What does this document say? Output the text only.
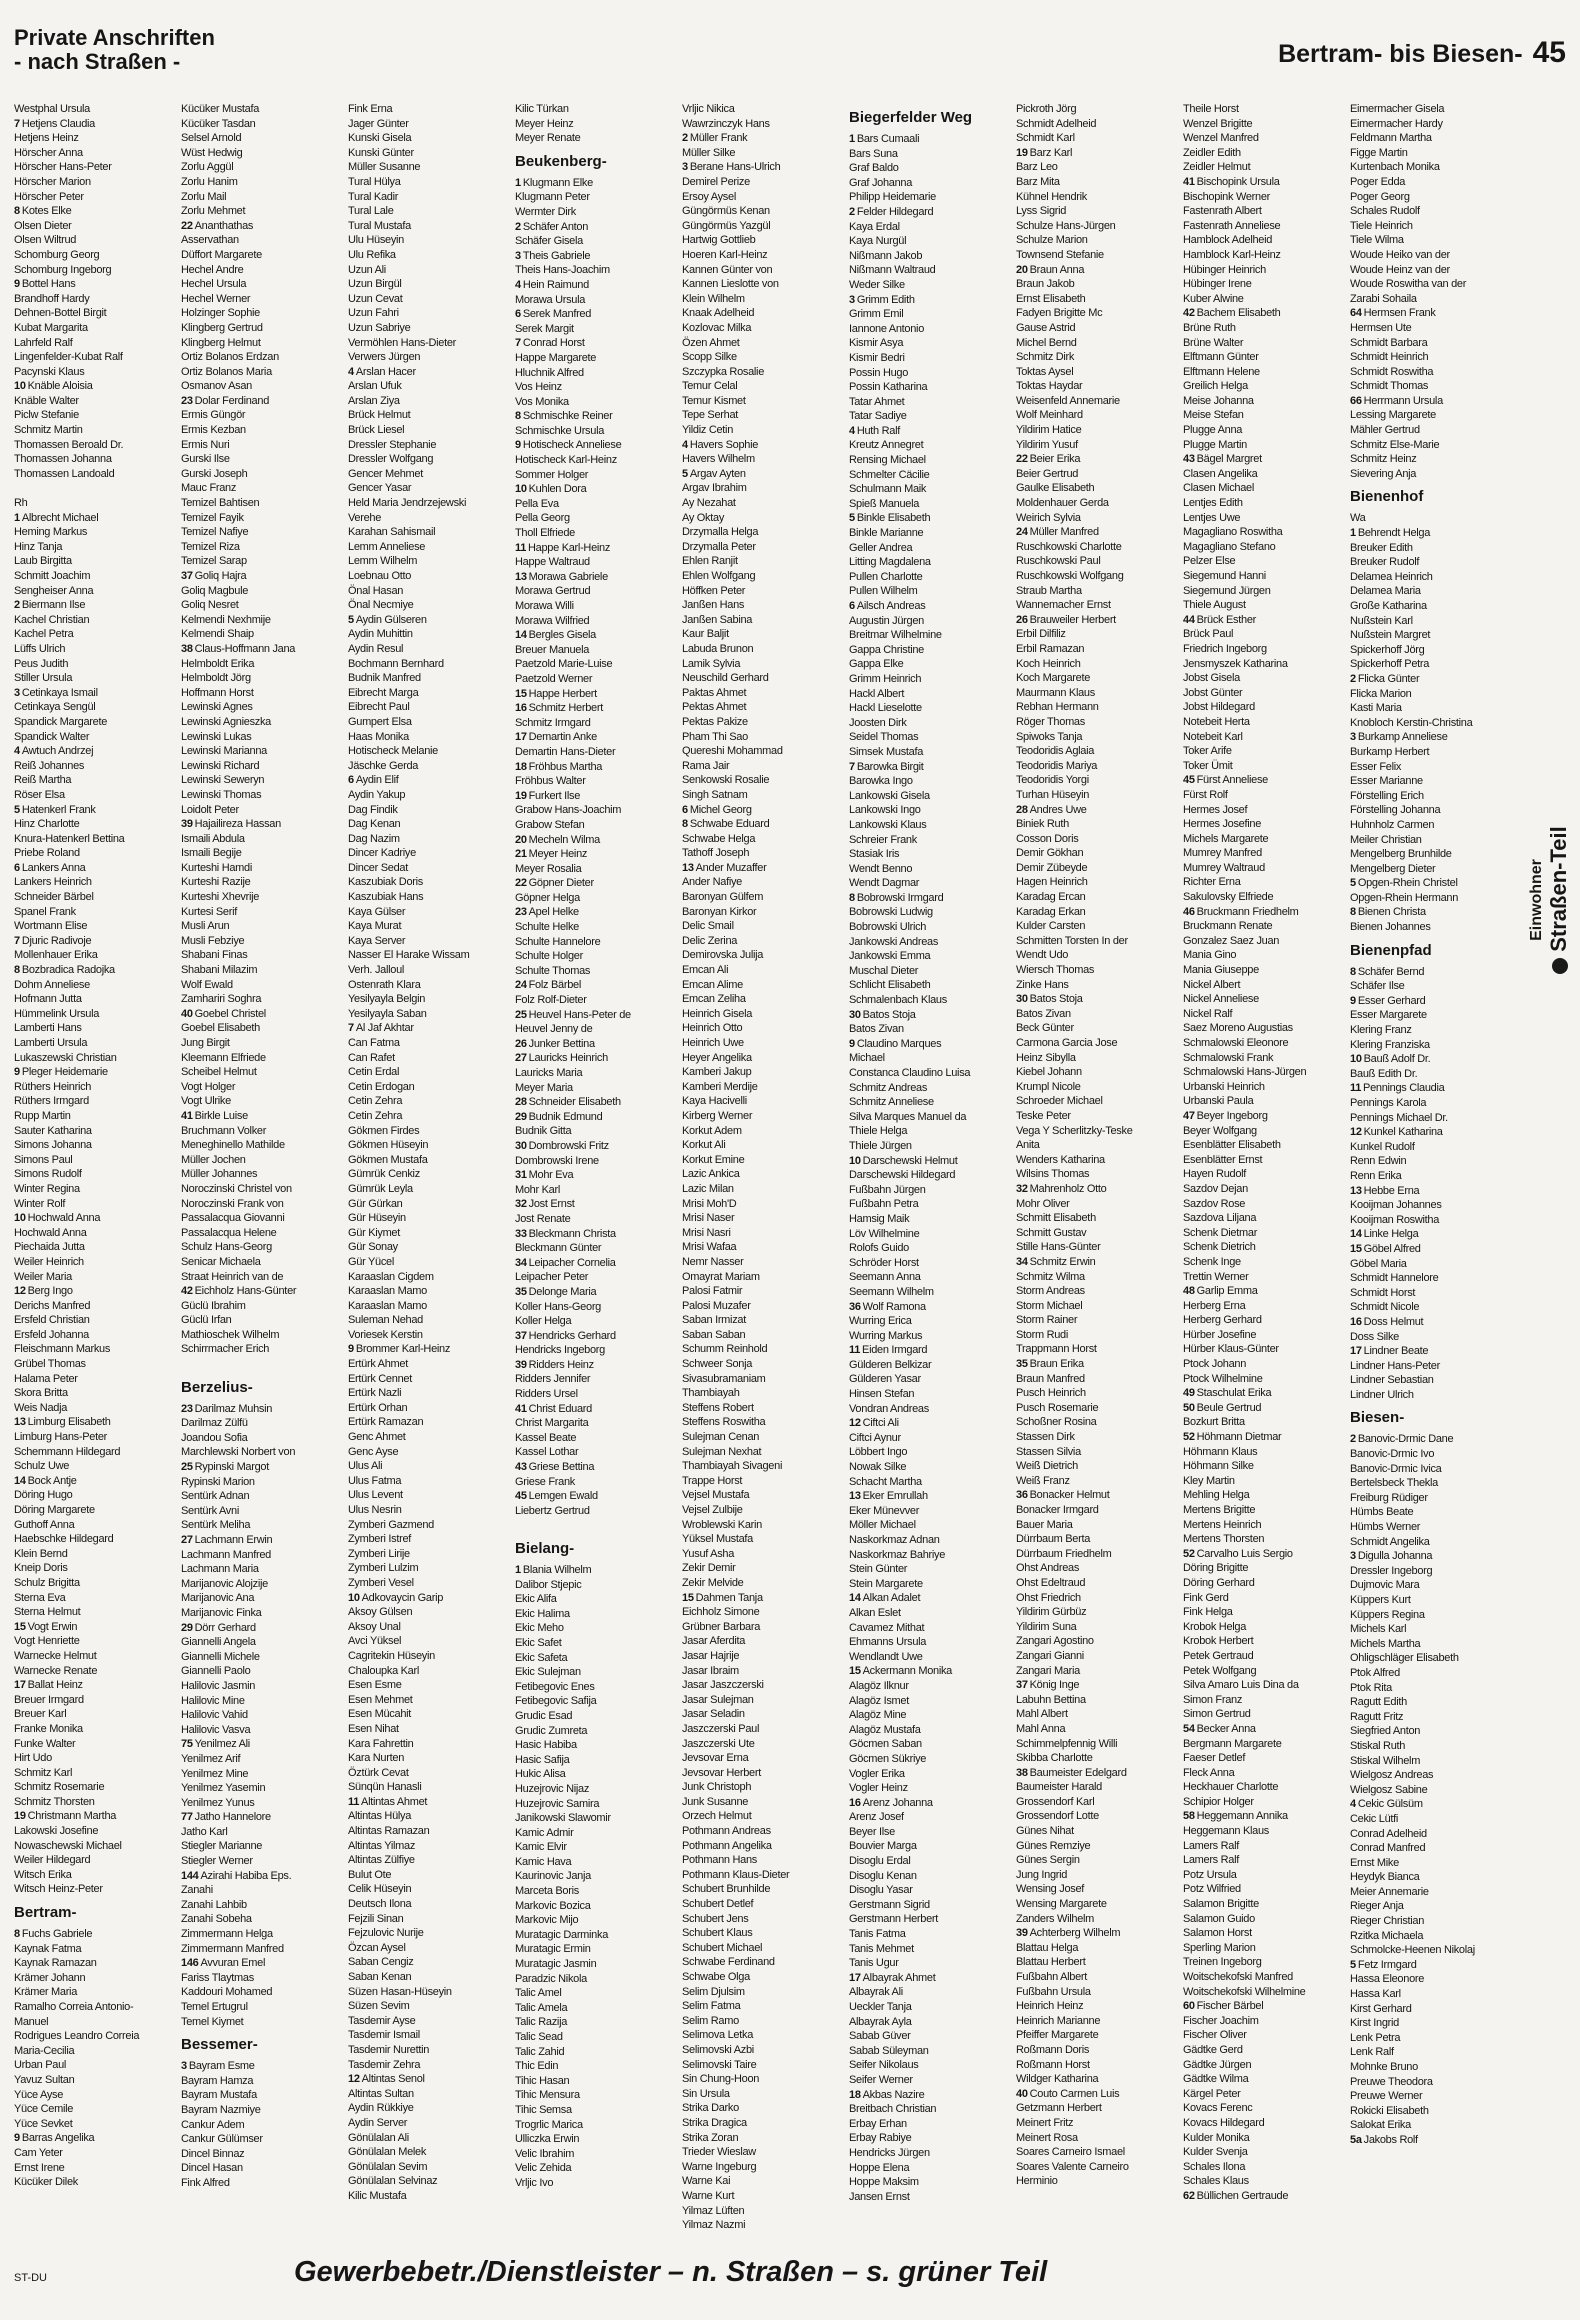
Private Anschriften
- nach Straßen -	Bertram- bis Biesen- 45
Westphal Ursula
7 Hetjens Claudia
Hetjens Heinz
Hörscher Anna
Hörscher Hans-Peter
Hörscher Marion
Hörscher Peter
8 Kotes Elke
Olsen Dieter
Olsen Wiltrud
Schomburg Georg
Schomburg Ingeborg
9 Bottel Hans
Brandhoff Hardy
Dehnen-Bottel Birgit
Kubat Margarita
Lahrfeld Ralf
Lingenfelder-Kubat Ralf
Pacynski Klaus
10 Knäble Aloisia
Knäble Walter
Piclw Stefanie
Schmitz Martin
Thomassen Beroald Dr.
Thomassen Johanna
Thomassen Landoald

Rh
1 Albrecht Michael
Heming Markus
Hinz Tanja
Laub Birgitta
Schmitt Joachim
Sengheiser Anna
2 Biermann Ilse
Kachel Christian
Kachel Petra
Lüffs Ulrich
Peus Judith
Stiller Ursula
3 Cetinkaya Ismail
Cetinkaya Sengül
Spandick Margarete
Spandick Walter
4 Awtuch Andrzej
Reiß Johannes
Reiß Martha
Röser Elsa
5 Hatenkerl Frank
Hinz Charlotte
Knura-Hatenkerl Bettina
Priebe Roland
6 Lankers Anna
Lankers Heinrich
Schneider Bärbel
Spanel Frank
Wortmann Elise
7 Djuric Radivoje
Mollenhauer Erika
8 Bozbradica Radojka
Dohm Anneliese
Hofmann Jutta
Hümmelink Ursula
Lamberti Hans
Lamberti Ursula
Lukaszewski Christian
9 Pleger Heidemarie
Rüthers Heinrich
Rüthers Irmgard
Rupp Martin
Sauter Katharina
Simons Johanna
Simons Paul
Simons Rudolf
Winter Regina
Winter Rolf
10 Hochwald Anna
Hochwald Anna
Piechaida Jutta
Weiler Heinrich
Weiler Maria
12 Berg Ingo
Derichs Manfred
Ersfeld Christian
Ersfeld Johanna
Fleischmann Markus
Grübel Thomas
Halama Peter
Skora Britta
Weis Nadja
13 Limburg Elisabeth
Limburg Hans-Peter
Schemmann Hildegard
Schulz Uwe
14 Bock Antje
Döring Hugo
Döring Margarete
Guthoff Anna
Haebschke Hildegard
Klein Bernd
Kneip Doris
Schulz Brigitta
Sterna Eva
Sterna Helmut
15 Vogt Erwin
Vogt Henriette
Warnecke Helmut
Warnecke Renate
17 Ballat Heinz
Breuer Irmgard
Breuer Karl
Franke Monika
Funke Walter
Hirt Udo
Schmitz Karl
Schmitz Rosemarie
Schmitz Thorsten
19 Christmann Martha
Lakowski Josefine
Nowaschewski Michael
Weiler Hildegard
Witsch Erika
Witsch Heinz-Peter
Bertram-
8 Fuchs Gabriele
Kaynak Fatma
Kaynak Ramazan
Krämer Johann
Krämer Maria
Ramalho Correia Antonio-
Manuel
Rodrigues Leandro Correia
Maria-Cecilia
Urban Paul
Yavuz Sultan
Yüce Ayse
Yüce Cemile
Yüce Sevket
9 Barras Angelika
Cam Yeter
Ernst Irene
Kücüker Dilek
Kücüker Mustafa
Kücüker Tasdan
Selsel Arnold
Wüst Hedwig
Zorlu Aggül
Zorlu Hanim
Zorlu Mail
Zorlu Mehmet
22 Ananthathas
Asservathan
Düffort Margarete
Hechel Andre
Hechel Ursula
Hechel Werner
Holzinger Sophie
Klingberg Gertrud
Klingberg Helmut
Ortiz Bolanos Erdzan
Ortiz Bolanos Maria
Osmanov Asan
23 Dolar Ferdinand
Ermis Güngör
Ermis Kezban
Ermis Nuri
Gurski Ilse
Gurski Joseph
Mauc Franz
Temizel Bahtisen
Temizel Fayik
Temizel Nafiye
Temizel Riza
Temizel Sarap
37 Goliq Hajra
Goliq Magbule
Goliq Nesret
Kelmendi Nexhmije
Kelmendi Shaip
38 Claus-Hoffmann Jana
Helmboldt Erika
Helmboldt Jörg
Hoffmann Horst
Lewinski Agnes
Lewinski Agnieszka
Lewinski Lukas
Lewinski Marianna
Lewinski Richard
Lewinski Seweryn
Lewinski Thomas
Loidolt Peter
39 Hajailireza Hassan
Ismaili Abdula
Ismaili Begije
Kurteshi Hamdi
Kurteshi Razije
Kurteshi Xhevrije
Kurtesi Serif
Musli Arun
Musli Febziye
Shabani Finas
Shabani Milazim
Wolf Ewald
Zamhariri Soghra
40 Goebel Christel
Goebel Elisabeth
Jung Birgit
Kleemann Elfriede
Scheibel Helmut
Vogt Holger
Vogt Ulrike
41 Birkle Luise
Bruchmann Volker
Meneghinello Mathilde
Müller Jochen
Müller Johannes
Noroczinski Christel von
Noroczinski Frank von
Passalacqua Giovanni
Passalacqua Helene
Schulz Hans-Georg
Senicar Michaela
Straat Heinrich van de
42 Eichholz Hans-Günter
Güclü Ibrahim
Güclü Irfan
Mathioschek Wilhelm
Schirrmacher Erich

Berzelius-
23 Darilmaz Muhsin
Darilmaz Zülfü
Joandou Sofia
Marchlewski Norbert von
25 Rypinski Margot
Rypinski Marion
Sentürk Adnan
Sentürk Avni
Sentürk Meliha
27 Lachmann Erwin
Lachmann Manfred
Lachmann Maria
Marijanovic Alojzije
Marijanovic Ana
Marijanovic Finka
29 Dörr Gerhard
Giannelli Angela
Giannelli Michele
Giannelli Paolo
Halilovic Jasmin
Halilovic Mine
Halilovic Vahid
Halilovic Vasva
75 Yenilmez Ali
Yenilmez Arif
Yenilmez Mine
Yenilmez Yasemin
Yenilmez Yunus
77 Jatho Hannelore
Jatho Karl
Stiegler Marianne
Stiegler Werner
144 Azirahi Habiba Eps.
Zanahi
Zanahi Lahbib
Zanahi Sobeha
Zimmermann Helga
Zimmermann Manfred
146 Avvuran Emel
Fariss Tlaytmas
Kaddouri Mohamed
Temel Ertugrul
Temel Kiymet
Bessemer-
3 Bayram Esme
Bayram Hamza
Bayram Mustafa
Bayram Nazmiye
Cankur Adem
Cankur Gülümser
Dincel Binnaz
Dincel Hasan
Fink Alfred
Fink Erna
Jager Günter
Kunski Gisela
Kunski Günter
Müller Susanne
Tural Hülya
Tural Kadir
Tural Lale
Tural Mustafa
Ulu Hüseyin
Ulu Refika
Uzun Ali
Uzun Birgül
Uzun Cevat
Uzun Fahri
Uzun Sabriye
Vermöhlen Hans-Dieter
Verwers Jürgen
4 Arslan Hacer
Arslan Ufuk
Arslan Ziya
Brück Helmut
Brück Liesel
Dressler Stephanie
Dressler Wolfgang
Gencer Mehmet
Gencer Yasar
Held Maria Jendrzejewski
Verehe
Karahan Sahismail
Lemm Anneliese
Lemm Wilhelm
Loebnau Otto
Önal Hasan
Önal Necmiye
5 Aydin Gülseren
Aydin Muhittin
Aydin Resul
Bochmann Bernhard
Budnik Manfred
Eibrecht Marga
Eibrecht Paul
Gumpert Elsa
Haas Monika
Hotischeck Melanie
Jäschke Gerda
6 Aydin Elif
Aydin Yakup
Dag Findik
Dag Kenan
Dag Nazim
Dincer Kadriye
Dincer Sedat
Kaszubiak Doris
Kaszubiak Hans
Kaya Gülser
Kaya Murat
Kaya Server
Nasser El Harake Wissam
Verh. Jalloul
Ostenrath Klara
Yesilyayla Belgin
Yesilyayla Saban
7 Al Jaf Akhtar
Can Fatma
Can Rafet
Cetin Erdal
Cetin Erdogan
Cetin Zehra
Cetin Zehra
Gökmen Firdes
Gökmen Hüseyin
Gökmen Mustafa
Gümrük Cenkiz
Gümrük Leyla
Gür Gürkan
Gür Hüseyin
Gür Kiymet
Gür Sonay
Gür Yücel
Karaaslan Cigdem
Karaaslan Mamo
Karaaslan Mamo
Suleman Nehad
Voriesek Kerstin
9 Brommer Karl-Heinz
Ertürk Ahmet
Ertürk Cennet
Ertürk Nazli
Ertürk Orhan
Ertürk Ramazan
Genc Ahmet
Genc Ayse
Ulus Ali
Ulus Fatma
Ulus Levent
Ulus Nesrin
Zymberi Gazmend
Zymberi Istref
Zymberi Lirije
Zymberi Lulzim
Zymberi Vesel
10 Adkovaycin Garip
Aksoy Gülsen
Aksoy Unal
Avci Yüksel
Cagritekin Hüseyin
Chaloupka Karl
Esen Esme
Esen Mehmet
Esen Mücahit
Esen Nihat
Kara Fahrettin
Kara Nurten
Öztürk Cevat
Sünqün Hanasli
11 Altintas Ahmet
Altintas Hülya
Altintas Ramazan
Altintas Yilmaz
Altintas Zülfiye
Bulut Ote
Celik Hüseyin
Deutsch Ilona
Fejzili Sinan
Fejzulovic Nurije
Özcan Aysel
Saban Cengiz
Saban Kenan
Süzen Hasan-Hüseyin
Süzen Sevim
Tasdemir Ayse
Tasdemir Ismail
Tasdemir Nurettin
Tasdemir Zehra
12 Altintas Senol
Altintas Sultan
Aydin Rükkiye
Aydin Server
Gönülalan Ali
Gönülalan Melek
Gönülalan Sevim
Gönülalan Selvinaz
Kilic Mustafa
Kilic Türkan
Meyer Heinz
Meyer Renate
Beukenberg-
1 Klugmann Elke
Klugmann Peter
Wermter Dirk
2 Schäfer Anton
Schäfer Gisela
3 Theis Gabriele
Theis Hans-Joachim
4 Hein Raimund
Morawa Ursula
6 Serek Manfred
Serek Margit
7 Conrad Horst
Happe Margarete
Hluchnik Alfred
Vos Heinz
Vos Monika
8 Schmischke Reiner
Schmischke Ursula
9 Hotischeck Anneliese
Hotischeck Karl-Heinz
Sommer Holger
10 Kuhlen Dora
Pella Eva
Pella Georg
Tholl Elfriede
11 Happe Karl-Heinz
Happe Waltraud
13 Morawa Gabriele
Morawa Gertrud
Morawa Willi
Morawa Wilfried
14 Bergles Gisela
Breuer Manuela
Paetzold Marie-Luise
Paetzold Werner
15 Happe Herbert
16 Schmitz Herbert
Schmitz Irmgard
17 Demartin Anke
Demartin Hans-Dieter
18 Fröhbus Martha
Fröhbus Walter
19 Furkert Ilse
Grabow Hans-Joachim
Grabow Stefan
20 Mecheln Wilma
21 Meyer Heinz
Meyer Rosalia
22 Göpner Dieter
Göpner Helga
23 Apel Helke
Schulte Helke
Schulte Hannelore
Schulte Holger
Schulte Thomas
24 Folz Bärbel
Folz Rolf-Dieter
25 Heuvel Hans-Peter de
Heuvel Jenny de
26 Junker Bettina
27 Lauricks Heinrich
Lauricks Maria
Meyer Maria
28 Schneider Elisabeth
29 Budnik Edmund
Budnik Gitta
30 Dombrowski Fritz
Dombrowski Irene
31 Mohr Eva
Mohr Karl
32 Jost Ernst
Jost Renate
33 Bleckmann Christa
Bleckmann Günter
34 Leipacher Cornelia
Leipacher Peter
35 Delonge Maria
Koller Hans-Georg
Koller Helga
37 Hendricks Gerhard
Hendricks Ingeborg
39 Ridders Heinz
Ridders Jennifer
Ridders Ursel
41 Christ Eduard
Christ Margarita
Kassel Beate
Kassel Lothar
43 Griese Bettina
Griese Frank
45 Lemgen Ewald
Liebertz Gertrud

Bielang-
1 Blania Wilhelm
Dalibor Stjepic
Ekic Alifa
Ekic Halima
Ekic Meho
Ekic Safet
Ekic Safeta
Ekic Sulejman
Fetibegovic Enes
Fetibegovic Safija
Grudic Esad
Grudic Zumreta
Hasic Habiba
Hasic Safija
Hukic Alisa
Huzejrovic Nijaz
Huzejrovic Samira
Janikowski Slawomir
Kamic Admir
Kamic Elvir
Kamic Hava
Kaurinovic Janja
Marceta Boris
Markovic Bozica
Markovic Mijo
Muratagic Darminka
Muratagic Ermin
Muratagic Jasmin
Paradzic Nikola
Talic Amel
Talic Amela
Talic Razija
Talic Sead
Talic Zahid
Thic Edin
Tihic Hasan
Tihic Mensura
Tihic Semsa
Trogrlic Marica
Ulliczka Erwin
Velic Ibrahim
Velic Zehida
Vrljic Ivo
Vrljic Nikica
Wawrzinczyk Hans
2 Müller Frank
Müller Silke
3 Berane Hans-Ulrich
Demirel Perize
Ersoy Aysel
Güngörmüs Kenan
Güngörmüs Yazgül
Hartwig Gottlieb
Hoeren Karl-Heinz
Kannen Günter von
Kannen Lieslotte von
Klein Wilhelm
Knaak Adelheid
Kozlovac Milka
Özen Ahmet
Scopp Silke
Szczypka Rosalie
Temur Celal
Temur Kismet
Tepe Serhat
Yildiz Cetin
4 Havers Sophie
Havers Wilhelm
5 Argav Ayten
Argav Ibrahim
Ay Nezahat
Ay Oktay
Drzymalla Helga
Drzymalla Peter
Ehlen Ranjit
Ehlen Wolfgang
Höffken Peter
Janßen Hans
Janßen Sabina
Kaur Baljit
Labuda Brunon
Lamik Sylvia
Neuschild Gerhard
Paktas Ahmet
Pektas Ahmet
Pektas Pakize
Pham Thi Sao
Quereshi Mohammad
Rama Jair
Senkowski Rosalie
Singh Satnam
6 Michel Georg
8 Schwabe Eduard
Schwabe Helga
Tathoff Joseph
13 Ander Muzaffer
Ander Nafiye
Baronyan Gülfem
Baronyan Kirkor
Delic Smail
Delic Zerina
Demirovska Julija
Emcan Ali
Emcan Alime
Emcan Zeliha
Heinrich Gisela
Heinrich Otto
Heinrich Uwe
Heyer Angelika
Kamberi Jakup
Kamberi Merdije
Kaya Hacivelli
Kirberg Werner
Korkut Adem
Korkut Ali
Korkut Emine
Lazic Ankica
Lazic Milan
Mrisi Moh'D
Mrisi Naser
Mrisi Nasri
Mrisi Wafaa
Nemr Nasser
Omayrat Mariam
Palosi Fatmir
Palosi Muzafer
Saban Irmizat
Saban Saban
Schumm Reinhold
Schweer Sonja
Sivasubramaniam
Thambiayah
Steffens Robert
Steffens Roswitha
Sulejman Cenan
Sulejman Nexhat
Thambiayah Sivageni
Trappe Horst
Vejsel Mustafa
Vejsel Zulbije
Wroblewski Karin
Yüksel Mustafa
Yusuf Asha
Zekir Demir
Zekir Melvide
15 Dahmen Tanja
Eichholz Simone
Grübner Barbara
Jasar Aferdita
Jasar Hajrije
Jasar Ibraim
Jasar Jaszczerski
Jasar Sulejman
Jasar Seladin
Jaszczerski Paul
Jaszczerski Ute
Jevsovar Erna
Jevsovar Herbert
Junk Christoph
Junk Susanne
Orzech Helmut
Pothmann Andreas
Pothmann Angelika
Pothmann Hans
Pothmann Klaus-Dieter
Schubert Brunhilde
Schubert Detlef
Schubert Jens
Schubert Klaus
Schubert Michael
Schwabe Ferdinand
Schwabe Olga
Selim Djulsim
Selim Fatma
Selim Ramo
Selimova Letka
Selimovski Azbi
Selimovski Taire
Sin Chung-Hoon
Sin Ursula
Strika Darko
Strika Dragica
Strika Zoran
Trieder Wieslaw
Warne Ingeburg
Warne Kai
Warne Kurt
Yilmaz Lüften
Yilmaz Nazmi
Biegerfelder Weg
1 Bars Cumaali
Bars Suna
Graf Baldo
Graf Johanna
Philipp Heidemarie
2 Felder Hildegard
Kaya Erdal
Kaya Nurgül
Nißmann Jakob
Nißmann Waltraud
Weder Silke
3 Grimm Edith
Grimm Emil
Iannone Antonio
Kismir Asya
Kismir Bedri
Possin Hugo
Possin Katharina
Tatar Ahmet
Tatar Sadiye
4 Huth Ralf
Kreutz Annegret
Rensing Michael
Schmelter Cäcilie
Schulmann Maik
Spieß Manuela
5 Binkle Elisabeth
Binkle Marianne
Geller Andrea
Litting Magdalena
Pullen Charlotte
Pullen Wilhelm
6 Ailsch Andreas
Augustin Jürgen
Breitmar Wilhelmine
Gappa Christine
Gappa Elke
Grimm Heinrich
Hackl Albert
Hackl Lieselotte
Joosten Dirk
Seidel Thomas
Simsek Mustafa
7 Barowka Birgit
Barowka Ingo
Lankowski Gisela
Lankowski Ingo
Lankowski Klaus
Schreier Frank
Stasiak Iris
Wendt Benno
Wendt Dagmar
8 Bobrowski Irmgard
Bobrowski Ludwig
Bobrowski Ulrich
Jankowski Andreas
Jankowski Emma
Muschal Dieter
Schlicht Elisabeth
Schmalenbach Klaus
30 Batos Stoja
Batos Zivan
9 Claudino Marques
Michael
Constanca Claudino Luisa
Schmitz Andreas
Schmitz Anneliese
Silva Marques Manuel da
Thiele Helga
Thiele Jürgen
10 Darschewski Helmut
Darschewski Hildegard
Fußbahn Jürgen
Fußbahn Petra
Hamsig Maik
Löv Wilhelmine
Rolofs Guido
Schröder Horst
Seemann Anna
Seemann Wilhelm
36 Wolf Ramona
Wurring Erica
Wurring Markus
11 Eiden Irmgard
Gülderen Belkizar
Gülderen Yasar
Hinsen Stefan
Vondran Andreas
12 Ciftci Ali
Ciftci Aynur
Löbbert Ingo
Nowak Silke
Schacht Martha
13 Eker Emrullah
Eker Münevver
Möller Michael
Naskorkmaz Adnan
Naskorkmaz Bahriye
Stein Günter
Stein Margarete
14 Alkan Adalet
Alkan Eslet
Cavamez Mithat
Ehmanns Ursula
Wendlandt Uwe
15 Ackermann Monika
Alagöz Ilknur
Alagöz Ismet
Alagöz Mine
Alagöz Mustafa
Göcmen Saban
Göcmen Sükriye
Vogler Erika
Vogler Heinz
16 Arenz Johanna
Arenz Josef
Beyer Ilse
Bouvier Marga
Disoglu Erdal
Disoglu Kenan
Disoglu Yasar
Gerstmann Sigrid
Gerstmann Herbert
Tanis Fatma
Tanis Mehmet
Tanis Ugur
17 Albayrak Ahmet
Albayrak Ali
Ueckler Tanja
Albayrak Ayla
Sabab Güver
Sabab Süleyman
Seifer Nikolaus
Seifer Werner
18 Akbas Nazire
Breitbach Christian
Erbay Erhan
Erbay Rabiye
Hendricks Jürgen
Hoppe Elena
Hoppe Maksim
Jansen Ernst
Pickroth Jörg
Schmidt Adelheid
Schmidt Karl
19 Barz Karl
Barz Leo
Barz Mita
Kühnel Hendrik
Lyss Sigrid
Schulze Hans-Jürgen
Schulze Marion
Townsend Stefanie
20 Braun Anna
Braun Jakob
Ernst Elisabeth
Fadyen Brigitte Mc
Gause Astrid
Michel Bernd
Schmitz Dirk
Toktas Aysel
Toktas Haydar
Weisenfeld Annemarie
Wolf Meinhard
Yildirim Hatice
Yildirim Yusuf
22 Beier Erika
Beier Gertrud
Gaulke Elisabeth
Moldenhauer Gerda
Weirich Sylvia
24 Müller Manfred
Ruschkowski Charlotte
Ruschkowski Paul
Ruschkowski Wolfgang
Straub Martha
Wannemacher Ernst
26 Brauweiler Herbert
Erbil Dilfiliz
Erbil Ramazan
Koch Heinrich
Koch Margarete
Maurmann Klaus
Rebhan Hermann
Röger Thomas
Spiwoks Tanja
Teodoridis Aglaia
Teodoridis Mariya
Teodoridis Yorgi
Turhan Hüseyin
28 Andres Uwe
Biniek Ruth
Cosson Doris
Demir Gökhan
Demir Zübeyde
Hagen Heinrich
Karadag Ercan
Karadag Erkan
Kulder Carsten
Schmitten Torsten In der
Wendt Udo
Wiersch Thomas
Zinke Hans
30 Batos Stoja
Batos Zivan
Beck Günter
Carmona Garcia Jose
Heinz Sibylla
Kiebel Johann
Krumpl Nicole
Schroeder Michael
Teske Peter
Vega Y Scherlitzky-Teske
Anita
Wenders Katharina
Wilsins Thomas
32 Mahrenholz Otto
Mohr Oliver
Schmitt Elisabeth
Schmitt Gustav
Stille Hans-Günter
34 Schmitz Erwin
Schmitz Wilma
Storm Andreas
Storm Michael
Storm Rainer
Storm Rudi
Trappmann Horst
35 Braun Erika
Braun Manfred
Pusch Heinrich
Pusch Rosemarie
Schoßner Rosina
Stassen Dirk
Stassen Silvia
Weiß Dietrich
Weiß Franz
36 Bonacker Helmut
Bonacker Irmgard
Bauer Maria
Dürrbaum Berta
Dürrbaum Friedhelm
Ohst Andreas
Ohst Edeltraud
Ohst Friedrich
Yildirim Gürbüz
Yildirim Suna
Zangari Agostino
Zangari Gianni
Zangari Maria
37 König Inge
Labuhn Bettina
Mahl Albert
Mahl Anna
Schimmelpfennig Willi
Skibba Charlotte
38 Baumeister Edelgard
Baumeister Harald
Grossendorf Karl
Grossendorf Lotte
Günes Nihat
Günes Remziye
Günes Sergin
Jung Ingrid
Wensing Josef
Wensing Margarete
Zanders Wilhelm
39 Achterberg Wilhelm
Blattau Helga
Blattau Herbert
Fußbahn Albert
Fußbahn Ursula
Heinrich Heinz
Heinrich Marianne
Pfeiffer Margarete
Roßmann Doris
Roßmann Horst
Wildger Katharina
40 Couto Carmen Luis
Getzmann Herbert
Meinert Fritz
Meinert Rosa
Soares Carneiro Ismael
Soares Valente Carneiro
Herminio
Theile Horst
Wenzel Brigitte
Wenzel Manfred
Zeidler Edith
Zeidler Helmut
41 Bischopink Ursula
Bischopink Werner
Fastenrath Albert
Fastenrath Anneliese
Hamblock Adelheid
Hamblock Karl-Heinz
Hübinger Heinrich
Hübinger Irene
Kuber Alwine
42 Bachem Elisabeth
Brüne Ruth
Brüne Walter
Elftmann Günter
Elftmann Helene
Greilich Helga
Meise Johanna
Meise Stefan
Plugge Anna
Plugge Martin
43 Bägel Margret
Clasen Angelika
Clasen Michael
Lentjes Edith
Lentjes Uwe
Magagliano Roswitha
Magagliano Stefano
Pelzer Else
Siegemund Hanni
Siegemund Jürgen
Thiele August
44 Brück Esther
Brück Paul
Friedrich Ingeborg
Jensmyszek Katharina
Jobst Gisela
Jobst Günter
Jobst Hildegard
Notebeit Herta
Notebeit Karl
Toker Arife
Toker Ümit
45 Fürst Anneliese
Fürst Rolf
Hermes Josef
Hermes Josefine
Michels Margarete
Mumrey Manfred
Mumrey Waltraud
Richter Erna
Sakulovsky Elfriede
46 Bruckmann Friedhelm
Bruckmann Renate
Gonzalez Saez Juan
Mania Gino
Mania Giuseppe
Nickel Albert
Nickel Anneliese
Nickel Ralf
Saez Moreno Augustias
Schmalowski Eleonore
Schmalowski Frank
Schmalowski Hans-Jürgen
Urbanski Heinrich
Urbanski Paula
47 Beyer Ingeborg
Beyer Wolfgang
Esenblätter Elisabeth
Esenblätter Ernst
Hayen Rudolf
Sazdov Dejan
Sazdov Rose
Sazdova Liljana
Schenk Dietmar
Schenk Dietrich
Schenk Inge
Trettin Werner
48 Garlip Emma
Herberg Erna
Herberg Gerhard
Hürber Josefine
Hürber Klaus-Günter
Ptock Johann
Ptock Wilhelmine
49 Staschulat Erika
50 Beule Gertrud
Bozkurt Britta
52 Höhmann Dietmar
Höhmann Klaus
Höhmann Silke
Kley Martin
Mehling Helga
Mertens Brigitte
Mertens Heinrich
Mertens Thorsten
52 Carvalho Luis Sergio
Döring Brigitte
Döring Gerhard
Fink Gerd
Fink Helga
Krobok Helga
Krobok Herbert
Petek Gertraud
Petek Wolfgang
Silva Amaro Luis Dina da
Simon Franz
Simon Gertrud
54 Becker Anna
Bergmann Margarete
Faeser Detlef
Fleck Anna
Heckhauer Charlotte
Schipior Holger
58 Heggemann Annika
Heggemann Klaus
Lamers Ralf
Lamers Ralf
Potz Ursula
Potz Wilfried
Salamon Brigitte
Salamon Guido
Salamon Horst
Sperling Marion
Treinen Ingeborg
Woitschekofski Manfred
Woitschekofski Wilhelmine
60 Fischer Bärbel
Fischer Joachim
Fischer Oliver
Gädtke Gerd
Gädtke Jürgen
Gädtke Wilma
Kärgel Peter
Kovacs Ferenc
Kovacs Hildegard
Kulder Monika
Kulder Svenja
Schales Ilona
Schales Klaus
62 Büllichen Gertraude
Eimermacher Gisela
Eimermacher Hardy
Feldmann Martha
Figge Martin
Kurtenbach Monika
Poger Edda
Poger Georg
Schales Rudolf
Tiele Heinrich
Tiele Wilma
Woude Heiko van der
Woude Heinz van der
Woude Roswitha van der
Zarabi Sohaila
64 Hermsen Frank
Hermsen Ute
Schmidt Barbara
Schmidt Heinrich
Schmidt Roswitha
Schmidt Thomas
66 Herrmann Ursula
Lessing Margarete
Mähler Gertrud
Schmitz Else-Marie
Schmitz Heinz
Sievering Anja
Bienenhof
Wa
1 Behrendt Helga
Breuker Edith
Breuker Rudolf
Delamea Heinrich
Delamea Maria
Große Katharina
Nußstein Karl
Nußstein Margret
Spickerhoff Jörg
Spickerhoff Petra
2 Flicka Günter
Flicka Marion
Kasti Maria
Knobloch Kerstin-Christina
3 Burkamp Anneliese
Burkamp Herbert
Esser Felix
Esser Marianne
Förstelling Erich
Förstelling Johanna
Huhnholz Carmen
Meiler Christian
Mengelberg Brunhilde
Mengelberg Dieter
5 Opgen-Rhein Christel
Opgen-Rhein Hermann
8 Bienen Christa
Bienen Johannes
Bienenpfad
8 Schäfer Bernd
Schäfer Ilse
9 Esser Gerhard
Esser Margarete
Klering Franz
Klering Franziska
10 Bauß Adolf Dr.
Bauß Edith Dr.
11 Pennings Claudia
Pennings Karola
Pennings Michael Dr.
12 Kunkel Katharina
Kunkel Rudolf
Renn Edwin
Renn Erika
13 Hebbe Erna
Kooijman Johannes
Kooijman Roswitha
14 Linke Helga
15 Göbel Alfred
Göbel Maria
Schmidt Hannelore
Schmidt Horst
Schmidt Nicole
16 Doss Helmut
Doss Silke
17 Lindner Beate
Lindner Hans-Peter
Lindner Sebastian
Lindner Ulrich
Biesen-
2 Banovic-Drmic Dane
Banovic-Drmic Ivo
Banovic-Drmic Ivica
Bertelsbeck Thekla
Freiburg Rüdiger
Hümbs Beate
Hümbs Werner
Schmidt Angelika
3 Digulla Johanna
Dressler Ingeborg
Dujmovic Mara
Küppers Kurt
Küppers Regina
Michels Karl
Michels Martha
Ohligschläger Elisabeth
Ptok Alfred
Ptok Rita
Ragutt Edith
Ragutt Fritz
Siegfried Anton
Stiskal Ruth
Stiskal Wilhelm
Wielgosz Andreas
Wielgosz Sabine
4 Cekic Gülsüm
Cekic Lütfi
Conrad Adelheid
Conrad Manfred
Ernst Mike
Heydyk Bianca
Meier Annemarie
Rieger Anja
Rieger Christian
Rzitka Michaela
Schmolcke-Heenen Nikolaj
5 Fetz Irmgard
Hassa Eleonore
Hassa Karl
Kirst Gerhard
Kirst Ingrid
Lenk Petra
Lenk Ralf
Mohnke Bruno
Preuwe Theodora
Preuwe Werner
Rokicki Elisabeth
Salokat Erika
5a Jakobs Rolf
Einwohner Straßen-Teil
ST-DU	Gewerbebetr./Dienstleister – n. Straßen – s. grüner Teil
